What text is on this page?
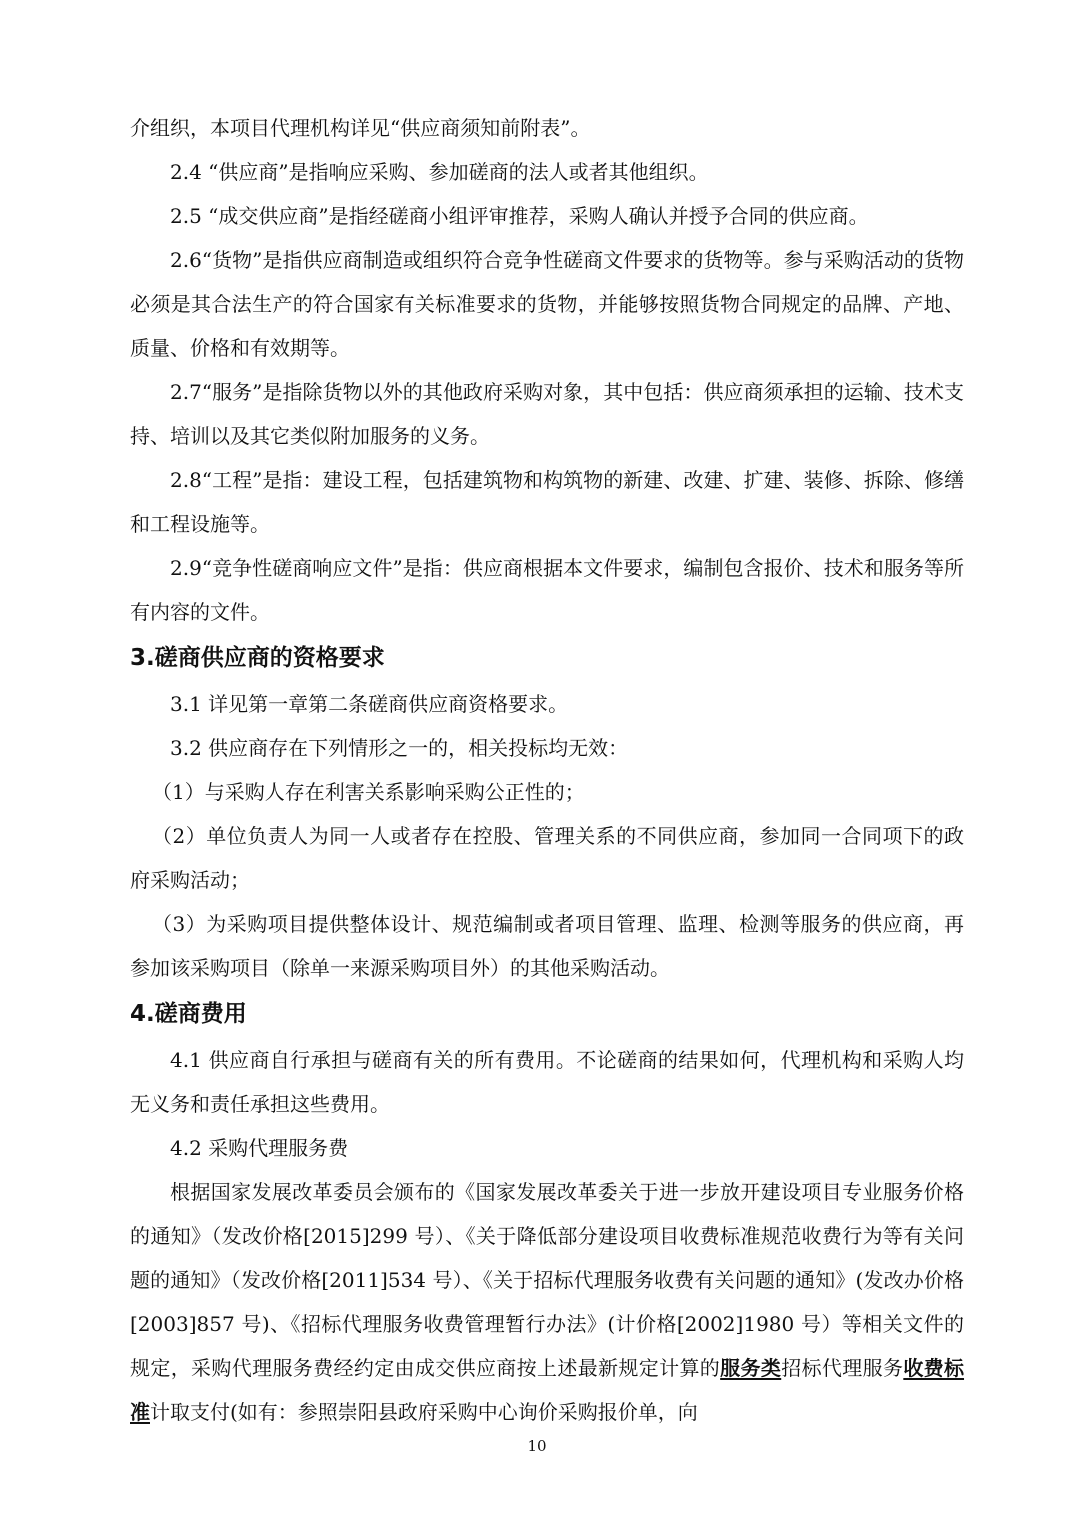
介组织，本项目代理机构详见“供应商须知前附表”。

2.4 “供应商”是指响应采购、参加磋商的法人或者其他组织。

2.5 “成交供应商”是指经磋商小组评审推荐，采购人确认并授予合同的供应商。

2.6“货物”是指供应商制造或组织符合竞争性磋商文件要求的货物等。参与采购活动的货物必须是其合法生产的符合国家有关标准要求的货物，并能够按照货物合同规定的品牌、产地、质量、价格和有效期等。

2.7“服务”是指除货物以外的其他政府采购对象，其中包括：供应商须承担的运输、技术支持、培训以及其它类似附加服务的义务。

2.8“工程”是指：建设工程，包括建筑物和构筑物的新建、改建、扩建、装修、拆除、修缮和工程设施等。

2.9“竞争性磋商响应文件”是指：供应商根据本文件要求，编制包含报价、技术和服务等所有内容的文件。

3.磋商供应商的资格要求

3.1 详见第一章第二条磋商供应商资格要求。

3.2 供应商存在下列情形之一的，相关投标均无效：

（1）与采购人存在利害关系影响采购公正性的；

（2）单位负责人为同一人或者存在控股、管理关系的不同供应商，参加同一合同项下的政府采购活动；

（3）为采购项目提供整体设计、规范编制或者项目管理、监理、检测等服务的供应商，再参加该采购项目（除单一来源采购项目外）的其他采购活动。

4.磋商费用

4.1 供应商自行承担与磋商有关的所有费用。不论磋商的结果如何，代理机构和采购人均无义务和责任承担这些费用。

4.2 采购代理服务费

根据国家发展改革委员会颁布的《国家发展改革委关于进一步放开建设项目专业服务价格的通知》（发改价格[2015]299 号）、《关于降低部分建设项目收费标准规范收费行为等有关问题的通知》（发改价格[2011]534 号）、《关于招标代理服务收费有关问题的通知》(发改办价格[2003]857 号)、《招标代理服务收费管理暂行办法》(计价格[2002]1980 号）等相关文件的规定，采购代理服务费经约定由成交供应商按上述最新规定计算的服务类招标代理服务收费标准计取支付(如有：参照崇阳县政府采购中心询价采购报价单，向

10
